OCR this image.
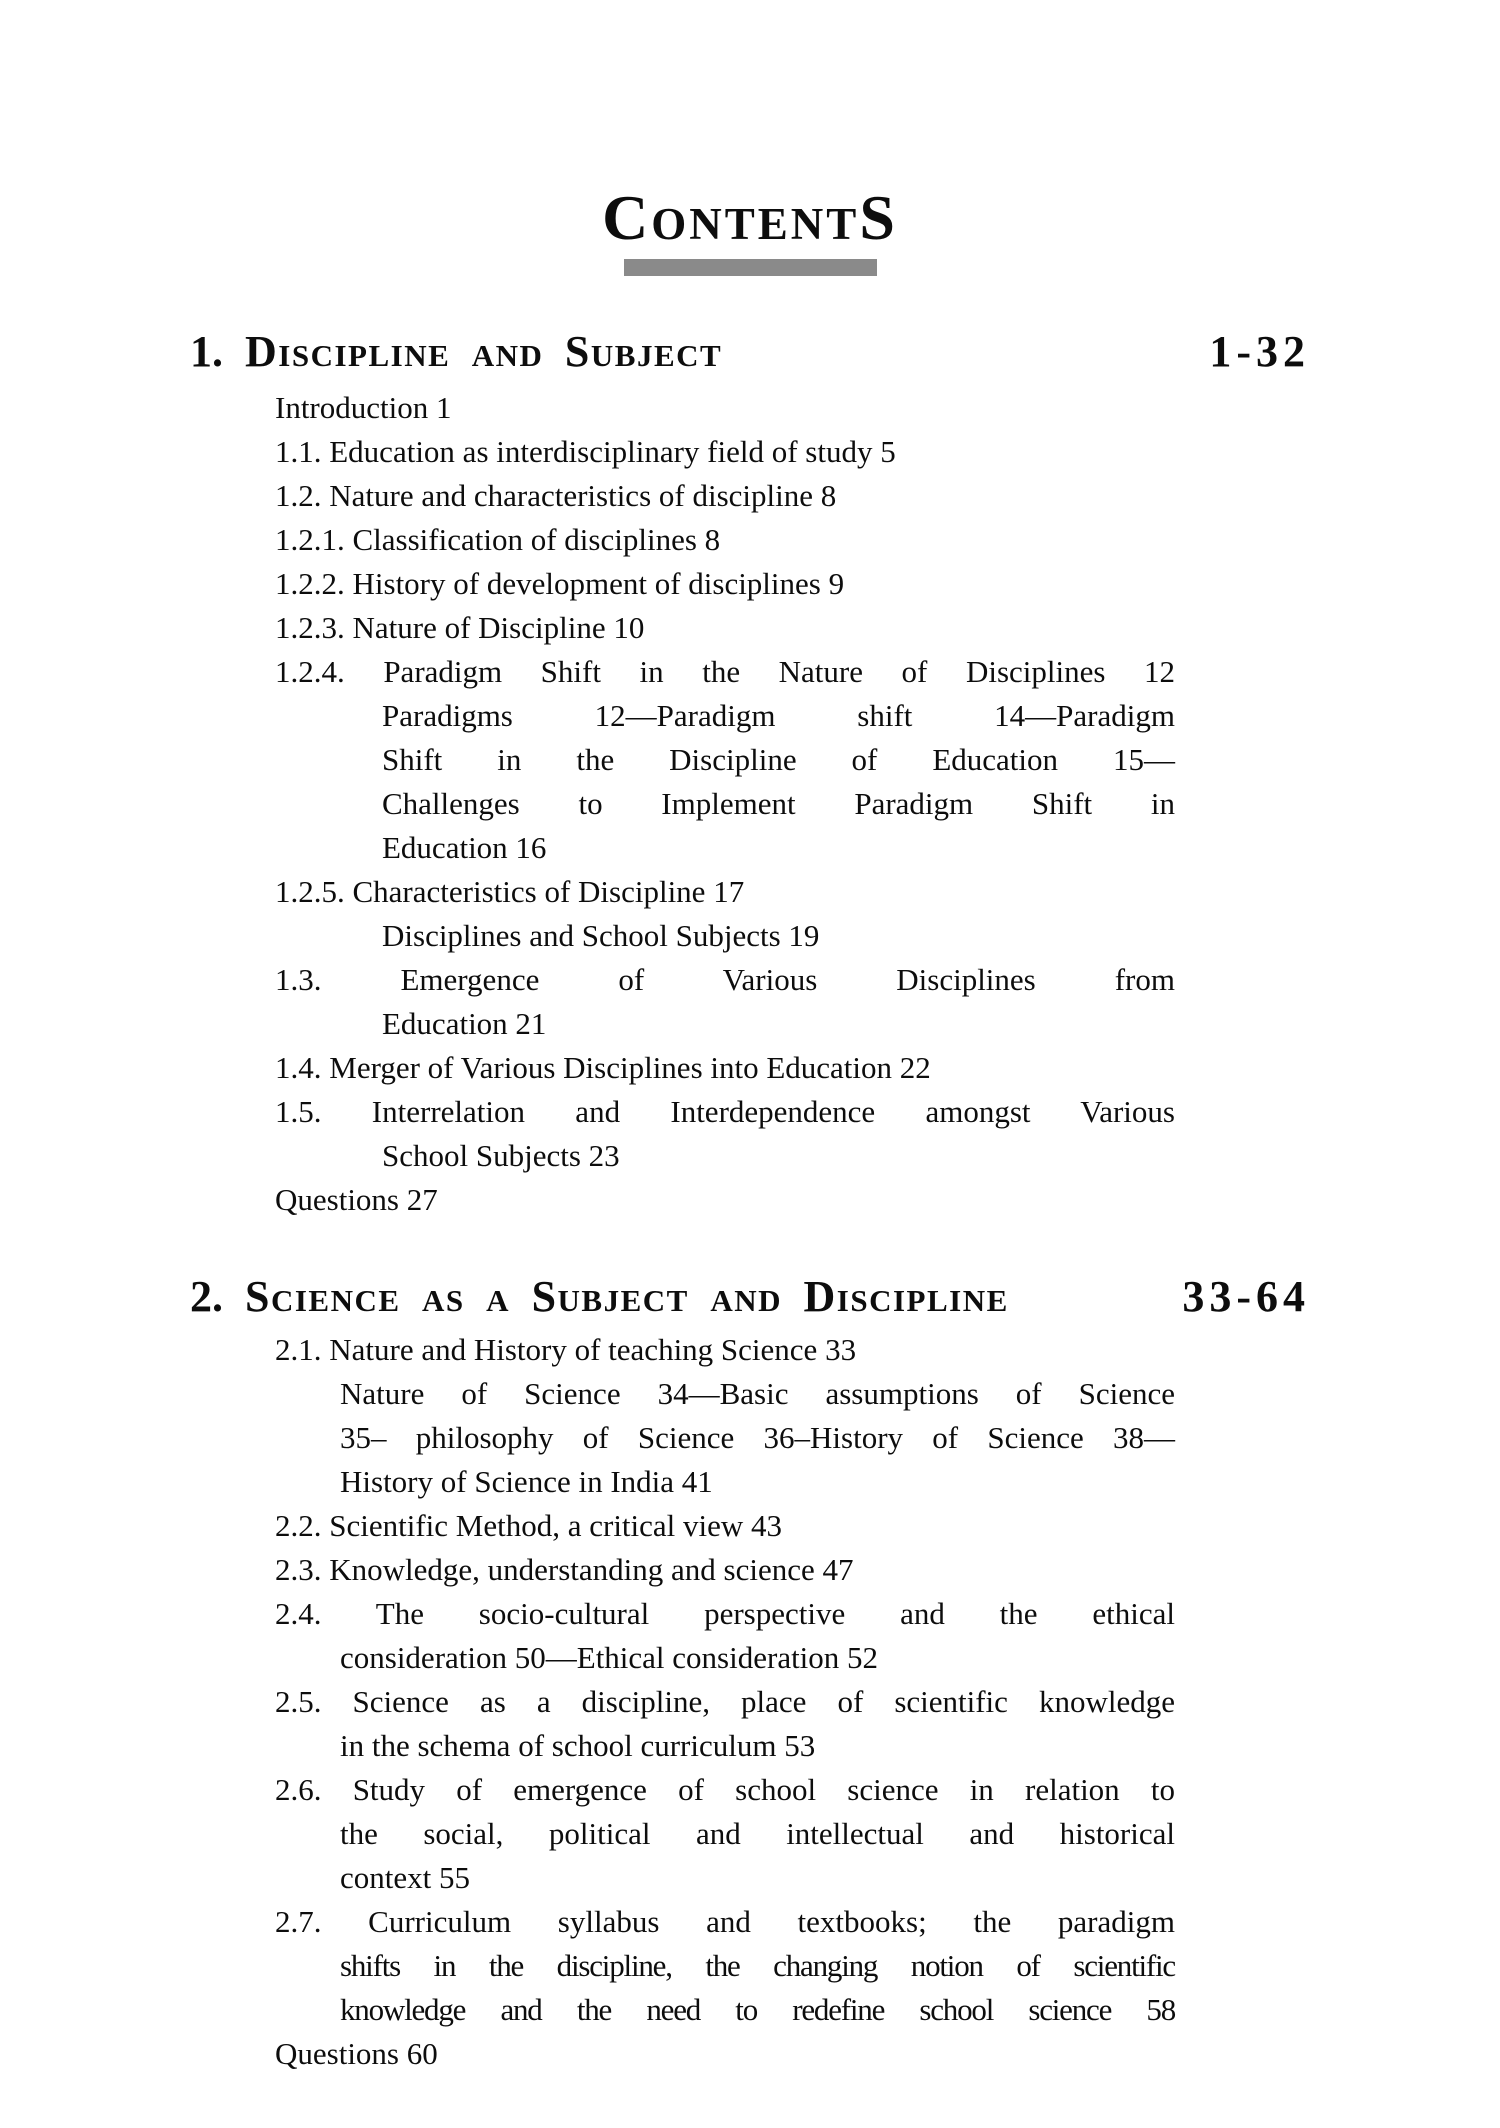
ContentS
1. Discipline and Subject	1-32
Introduction 1
1.1. Education as interdisciplinary field of study 5
1.2. Nature and characteristics of discipline 8
1.2.1. Classification of disciplines 8
1.2.2. History of development of disciplines 9
1.2.3. Nature of Discipline 10
1.2.4. Paradigm Shift in the Nature of Disciplines 12
Paradigms 12—Paradigm shift 14—Paradigm
Shift in the Discipline of Education 15—
Challenges to Implement Paradigm Shift in
Education 16
1.2.5. Characteristics of Discipline 17
Disciplines and School Subjects 19
1.3. Emergence of Various Disciplines from
Education 21
1.4. Merger of Various Disciplines into Education 22
1.5. Interrelation and Interdependence amongst Various
School Subjects 23
Questions 27
2. Science as a Subject and Discipline	33-64
2.1. Nature and History of teaching Science 33
Nature of Science 34—Basic assumptions of Science
35– philosophy of Science 36–History of Science 38—
History of Science in India 41
2.2. Scientific Method, a critical view 43
2.3. Knowledge, understanding and science 47
2.4. The socio-cultural perspective and the ethical
consideration 50—Ethical consideration 52
2.5. Science as a discipline, place of scientific knowledge
in the schema of school curriculum 53
2.6. Study of emergence of school science in relation to
the social, political and intellectual and historical
context 55
2.7. Curriculum syllabus and textbooks; the paradigm
shifts in the discipline, the changing notion of scientific
knowledge and the need to redefine school science 58
Questions 60
